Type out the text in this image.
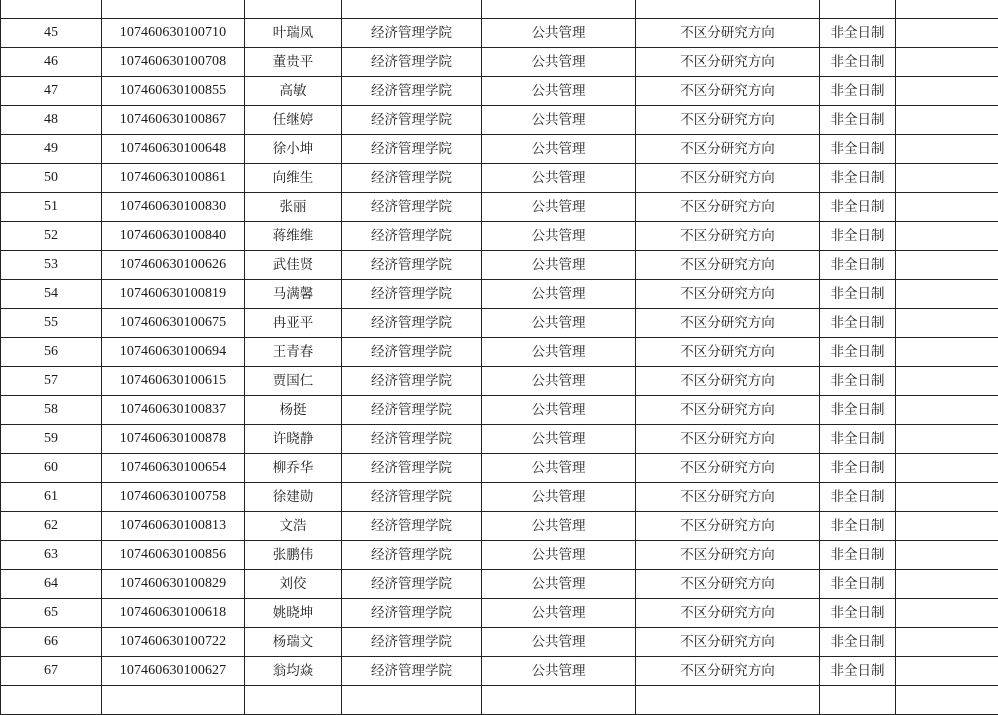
45	107460630100710	叶瑞凤	经济管理学院	公共管理	不区分研究方向	非全日制	
46	107460630100708	董贵平	经济管理学院	公共管理	不区分研究方向	非全日制	
47	107460630100855	高敏	经济管理学院	公共管理	不区分研究方向	非全日制	
48	107460630100867	任继婷	经济管理学院	公共管理	不区分研究方向	非全日制	
49	107460630100648	徐小坤	经济管理学院	公共管理	不区分研究方向	非全日制	
50	107460630100861	向维生	经济管理学院	公共管理	不区分研究方向	非全日制	
51	107460630100830	张丽	经济管理学院	公共管理	不区分研究方向	非全日制	
52	107460630100840	蒋维维	经济管理学院	公共管理	不区分研究方向	非全日制	
53	107460630100626	武佳贤	经济管理学院	公共管理	不区分研究方向	非全日制	
54	107460630100819	马满馨	经济管理学院	公共管理	不区分研究方向	非全日制	
55	107460630100675	冉亚平	经济管理学院	公共管理	不区分研究方向	非全日制	
56	107460630100694	王青春	经济管理学院	公共管理	不区分研究方向	非全日制	
57	107460630100615	贾国仁	经济管理学院	公共管理	不区分研究方向	非全日制	
58	107460630100837	杨挺	经济管理学院	公共管理	不区分研究方向	非全日制	
59	107460630100878	许晓静	经济管理学院	公共管理	不区分研究方向	非全日制	
60	107460630100654	柳乔华	经济管理学院	公共管理	不区分研究方向	非全日制	
61	107460630100758	徐建勋	经济管理学院	公共管理	不区分研究方向	非全日制	
62	107460630100813	文浩	经济管理学院	公共管理	不区分研究方向	非全日制	
63	107460630100856	张鹏伟	经济管理学院	公共管理	不区分研究方向	非全日制	
64	107460630100829	刘佼	经济管理学院	公共管理	不区分研究方向	非全日制	
65	107460630100618	姚晓坤	经济管理学院	公共管理	不区分研究方向	非全日制	
66	107460630100722	杨瑞文	经济管理学院	公共管理	不区分研究方向	非全日制	
67	107460630100627	翁均焱	经济管理学院	公共管理	不区分研究方向	非全日制	
